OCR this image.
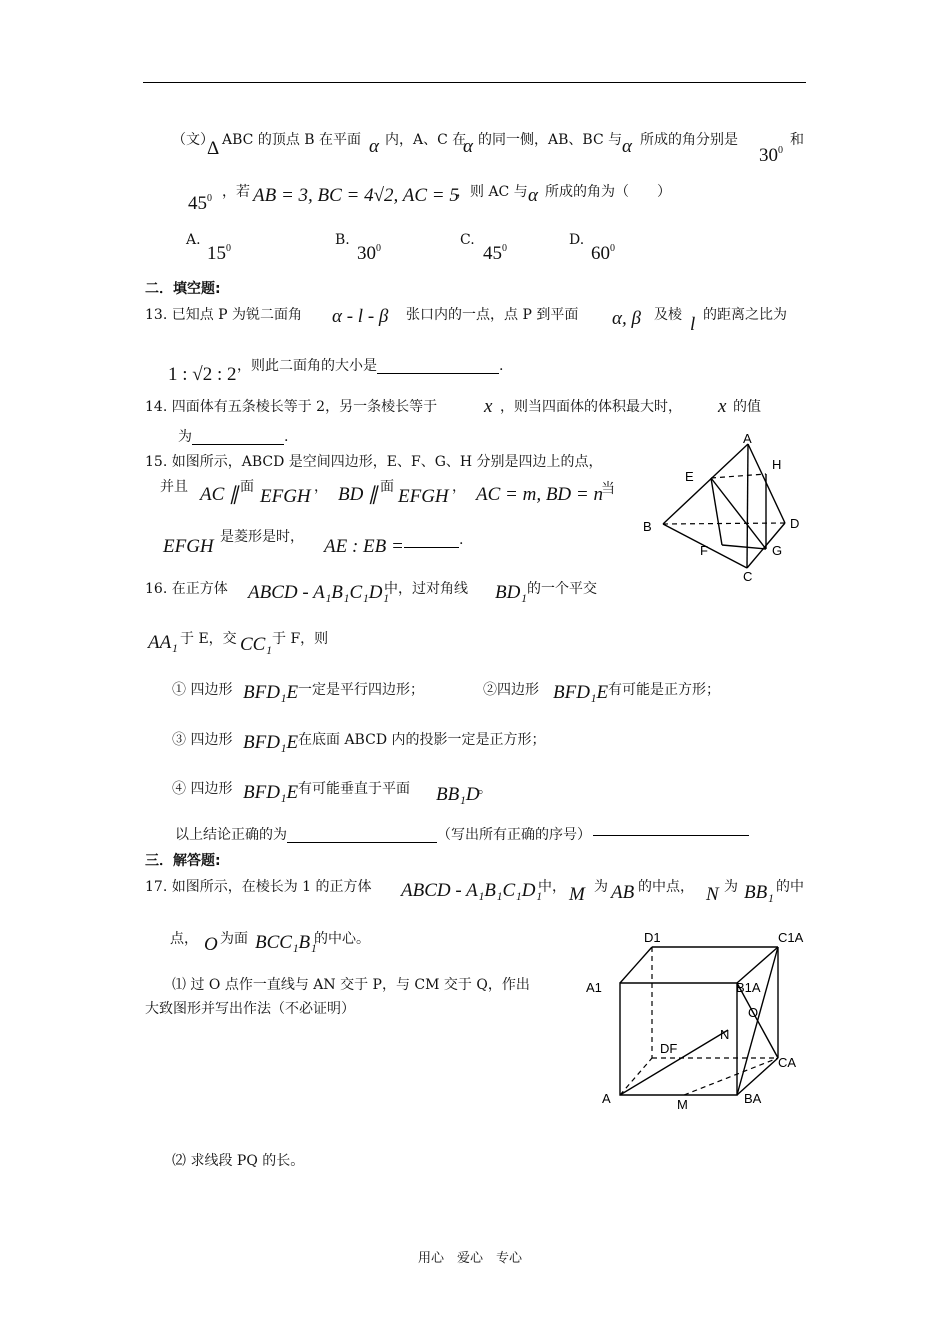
（文）
Δ ABC 的顶点 B 在平面 α 内，A、C 在
α 的同一侧，AB、BC 与 α 所成的角分别是
$30^0$
和
$45^0$ ，若 AB = 3, BC = 4√2, AC = 5
，则 AC 与 α 所成的角为（　　）
A.
$15^0$
B.
$30^0$
C.
$45^0$
D.
$60^0$
二．填空题:
13. 已知点 P 为锐二面角 α - l - β 张口内的一点，点 P 到平面 α, β 及棱 l 的距离之比为
1 : √2 : 2 ，则此二面角的大小是	.
14. 四面体有五条棱长等于 2，另一条棱长等于 x ，则当四面体的体积最大时， x 的值
为	.
15. 如图所示，ABCD 是空间四边形，E、F、G、H 分别是四边上的点，
并且 AC ∥ 面 EFGH ， BD ∥ 面 EFGH ， AC = m, BD = n
当
EFGH 是菱形是时， AE : EB =	.
A
H
E
B	D
F	G
C
16. 在正方体 ABCD - A₁B₁C₁D₁
中，过对角线 BD₁ 的一个平交
AA₁ 于 E，交 CC₁ 于 F，则
① 四边形 BFD₁E 一定是平行四边形；	②四边形 BFD₁E 有可能是正方形；
③ 四边形 BFD₁E 在底面 ABCD 内的投影一定是正方形；
④ 四边形 BFD₁E 有可能垂直于平面 BB₁D
。
以上结论正确的为	（写出所有正确的序号）
三．解答题:
17. 如图所示，在棱长为 1 的正方体 ABCD - A₁B₁C₁D₁
中， M 为 AB 的中点， N 为 BB₁ 的中
点， O 为面 BCC₁B₁
的中心。
⑴ 过 O 点作一直线与 AN 交于 P，与 CM 交于 Q，作出
大致图形并写出作法（不必证明）
⑵ 求线段 PQ 的长。
D1	C1A
A1	B1A
O
N
DF
CA
A	M	BA
用心　爱心　专心
